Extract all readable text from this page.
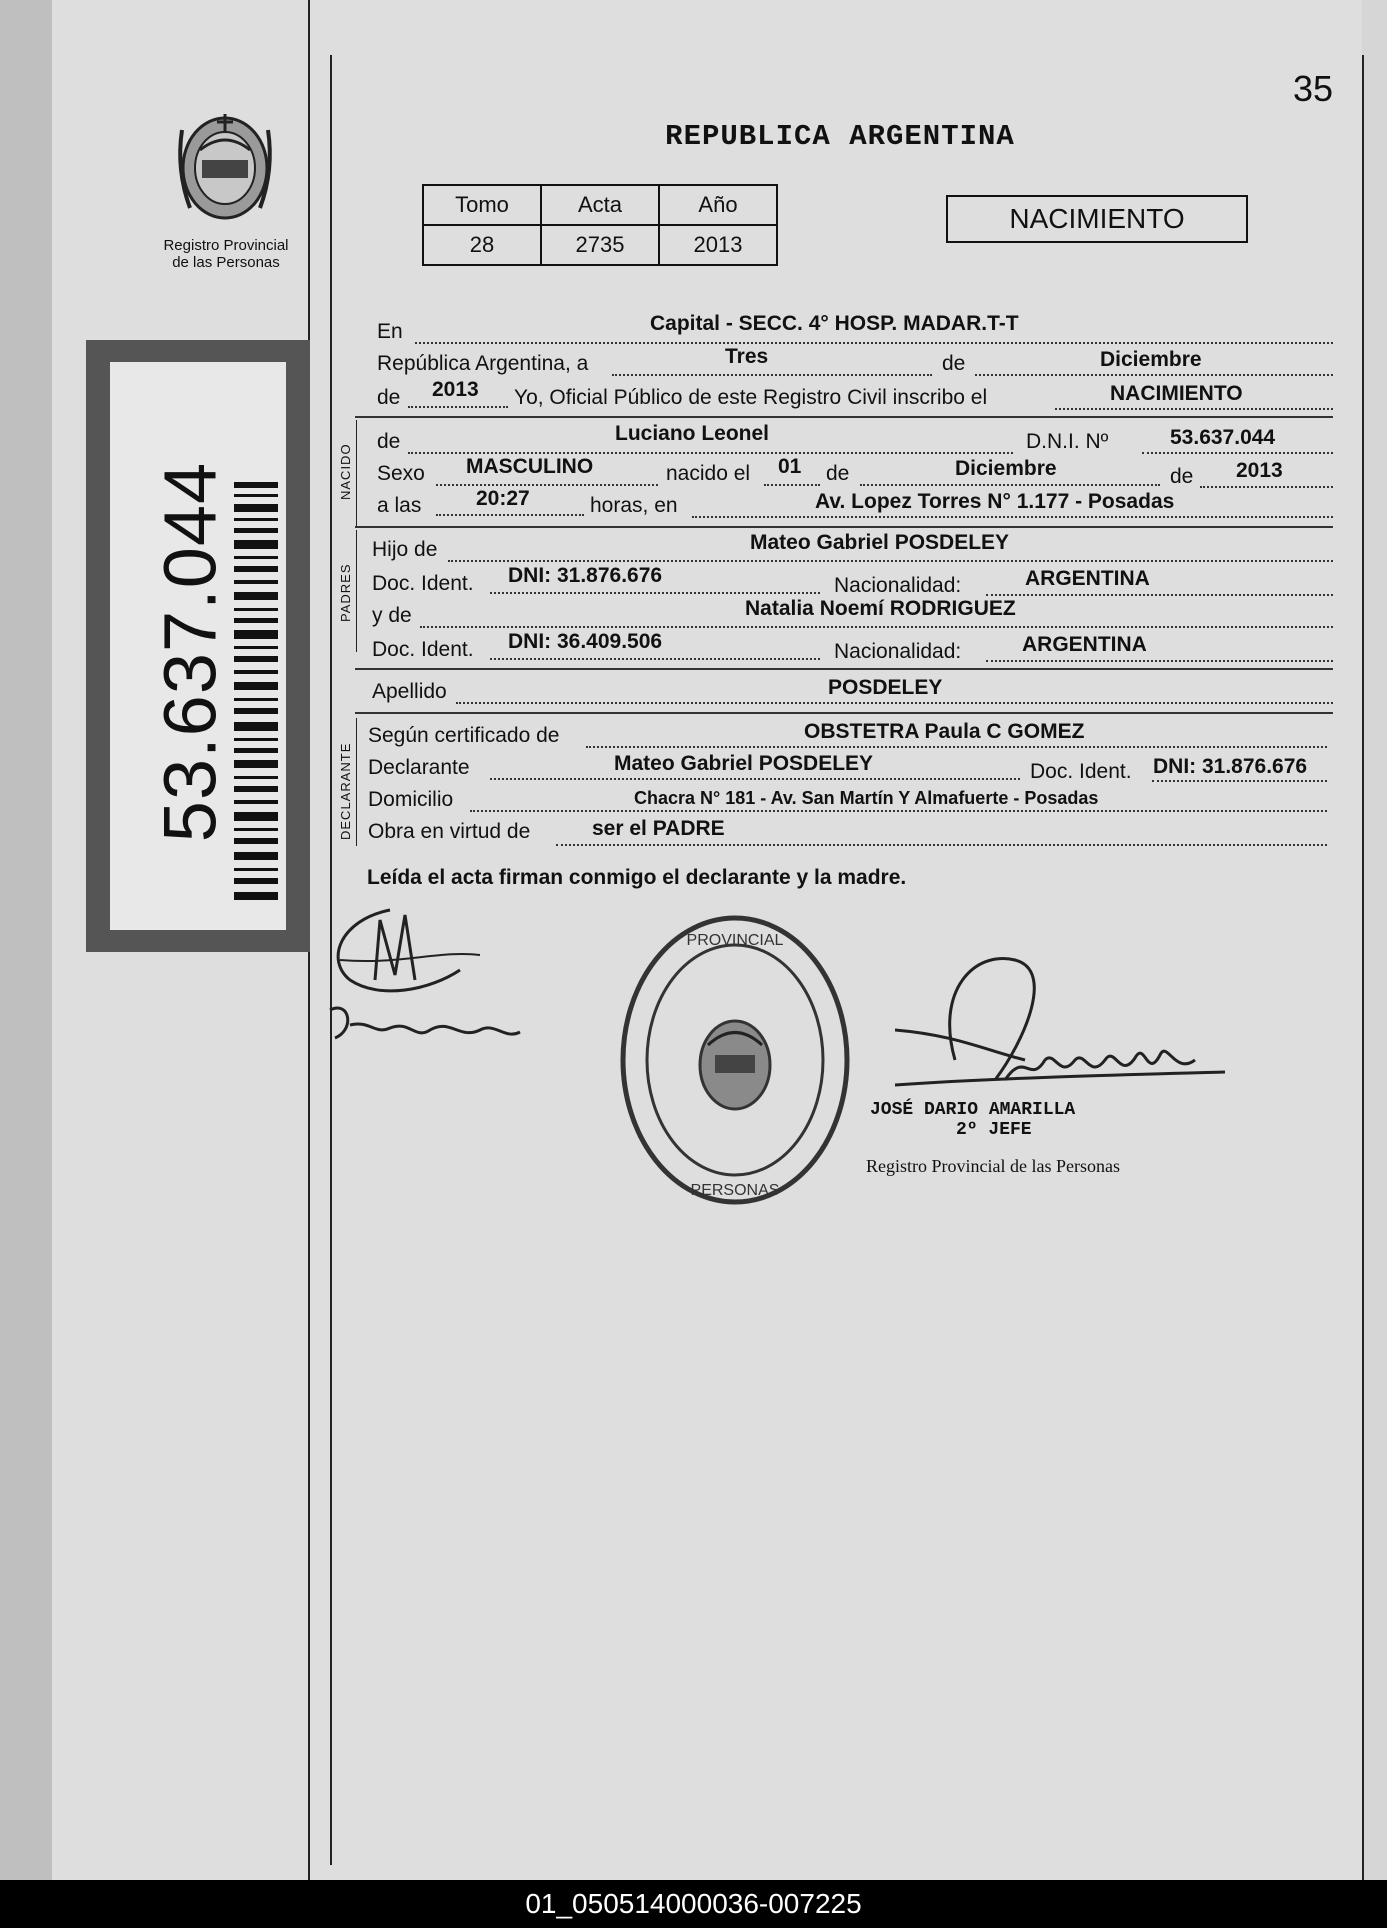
35
Registro Provincial
de las Personas
REPUBLICA ARGENTINA
Tomo	Acta	Año
28	2735	2013
NACIMIENTO
53.637.044
En	Capital - SECC. 4° HOSP. MADAR.T-T
República Argentina, a	Tres	de	Diciembre
de 2013 Yo, Oficial Público de este Registro Civil inscribo el	NACIMIENTO
NACIDO
de	Luciano Leonel	D.N.I. Nº	53.637.044
Sexo MASCULINO	nacido el 01 de	Diciembre	de 2013
a las	20:27	horas, en	Av. Lopez Torres N° 1.177 - Posadas
PADRES
Hijo de	Mateo Gabriel POSDELEY
Doc. Ident. DNI: 31.876.676	Nacionalidad:	ARGENTINA
y de	Natalia Noemí RODRIGUEZ
Doc. Ident. DNI: 36.409.506	Nacionalidad:	ARGENTINA
Apellido	POSDELEY
DECLARANTE
Según certificado de	OBSTETRA Paula C GOMEZ
Declarante	Mateo Gabriel POSDELEY	Doc. Ident. DNI: 31.876.676
Domicilio	Chacra N° 181 - Av. San Martín Y Almafuerte - Posadas
Obra en virtud de	ser el PADRE
Leída el acta firman conmigo el declarante y la madre.
Rodriguez
PROVINCIAL
PERSONAS
JOSÉ DARIO AMARILLA
2º JEFE
Registro Provincial de las Personas
01_050514000036-007225
